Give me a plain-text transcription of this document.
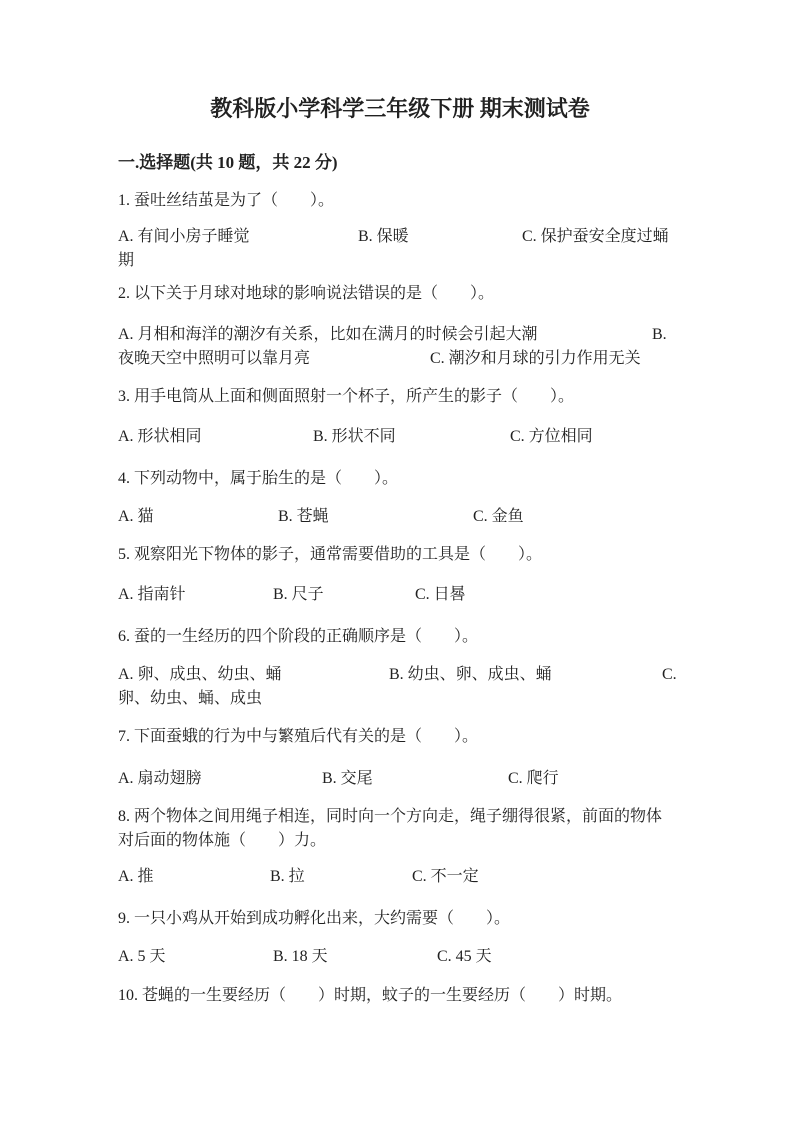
教科版小学科学三年级下册 期末测试卷
一.选择题(共 10 题，共 22 分)
1. 蚕吐丝结茧是为了（　　）。
A. 有间小房子睡觉	B. 保暖	C. 保护蚕安全度过蛹
期
2. 以下关于月球对地球的影响说法错误的是（　　）。
A. 月相和海洋的潮汐有关系，比如在满月的时候会引起大潮	B.
夜晚天空中照明可以靠月亮	C. 潮汐和月球的引力作用无关
3. 用手电筒从上面和侧面照射一个杯子，所产生的影子（　　）。
A. 形状相同	B. 形状不同	C. 方位相同
4. 下列动物中，属于胎生的是（　　）。
A. 猫	B. 苍蝇	C. 金鱼
5. 观察阳光下物体的影子，通常需要借助的工具是（　　）。
A. 指南针	B. 尺子	C. 日晷
6. 蚕的一生经历的四个阶段的正确顺序是（　　）。
A. 卵、成虫、幼虫、蛹	B. 幼虫、卵、成虫、蛹	C.
卵、幼虫、蛹、成虫
7. 下面蚕蛾的行为中与繁殖后代有关的是（　　）。
A. 扇动翅膀	B. 交尾	C. 爬行
8. 两个物体之间用绳子相连，同时向一个方向走，绳子绷得很紧，前面的物体
对后面的物体施（　　）力。
A. 推	B. 拉	C. 不一定
9. 一只小鸡从开始到成功孵化出来，大约需要（　　）。
A. 5 天	B. 18 天	C. 45 天
10. 苍蝇的一生要经历（　　）时期，蚊子的一生要经历（　　）时期。
